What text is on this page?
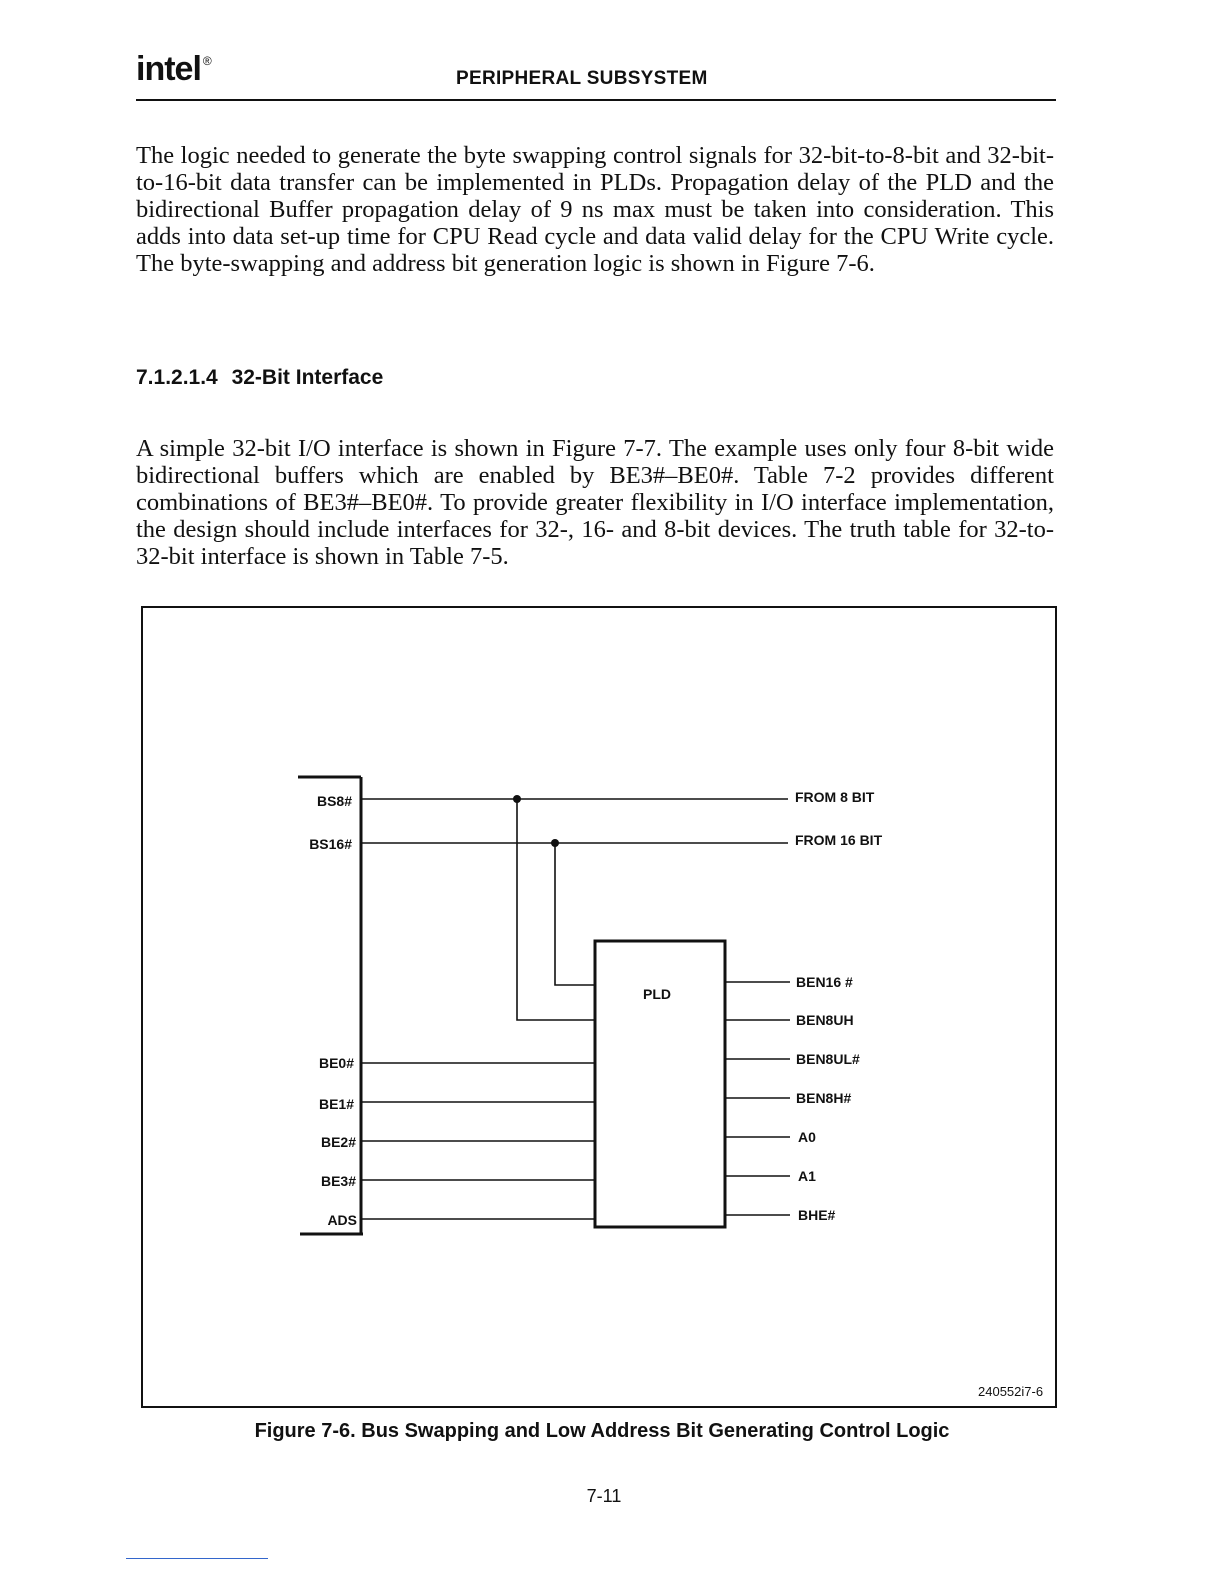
intel ®
PERIPHERAL SUBSYSTEM

The logic needed to generate the byte swapping control signals for 32-bit-to-8-bit and 32-bit-to-16-bit data transfer can be implemented in PLDs. Propagation delay of the PLD and the bidirectional Buffer propagation delay of 9 ns max must be taken into consideration. This adds into data set-up time for CPU Read cycle and data valid delay for the CPU Write cycle. The byte-swapping and address bit generation logic is shown in Figure 7-6.

7.1.2.1.4 32-Bit Interface

A simple 32-bit I/O interface is shown in Figure 7-7. The example uses only four 8-bit wide bidirectional buffers which are enabled by BE3#–BE0#. Table 7-2 provides different combinations of BE3#–BE0#. To provide greater flexibility in I/O interface implementation, the design should include interfaces for 32-, 16- and 8-bit devices. The truth table for 32-to-32-bit interface is shown in Table 7-5.

BS8#
BS16#
BE0#
BE1#
BE2#
BE3#
ADS
FROM 8 BIT
FROM 16 BIT
PLD
BEN16 #
BEN8UH
BEN8UL#
BEN8H#
A0
A1
BHE#
240552i7-6
Figure 7-6. Bus Swapping and Low Address Bit Generating Control Logic
7-11
